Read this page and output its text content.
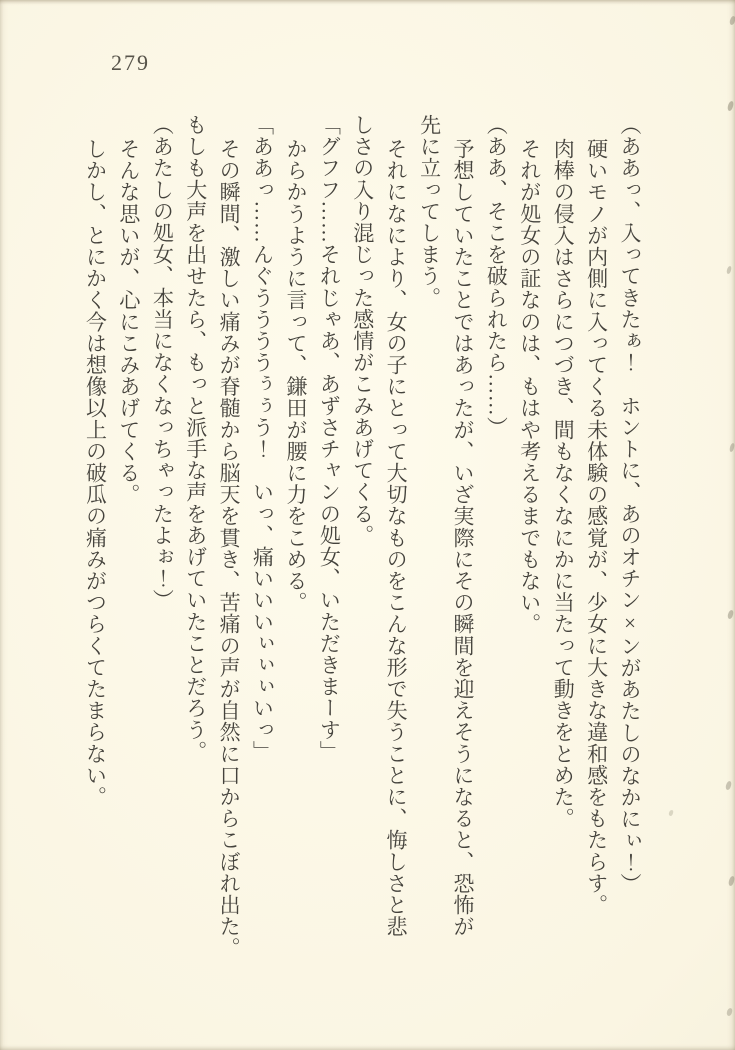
279

（ああっ、入ってきたぁ！　ホントに、あのオチン×ンがあたしのなかにぃ！）

硬いモノが内側に入ってくる未体験の感覚が、少女に大きな違和感をもたらす。

肉棒の侵入はさらにつづき、間もなくなにかに当たって動きをとめた。

それが処女の証なのは、もはや考えるまでもない。

（ああ、そこを破られたら……）

予想していたことではあったが、いざ実際にその瞬間を迎えそうになると、恐怖が

先に立ってしまう。

それになにより、女の子にとって大切なものをこんな形で失うことに、悔しさと悲

しさの入り混じった感情がこみあげてくる。

「グフフ……それじゃあ、あずさチャンの処女、いただきまーす」

からかうように言って、鎌田が腰に力をこめる。

「ああっ……んぐううううぅぅう！　いっ、痛いいいぃぃぃいっ」

その瞬間、激しい痛みが脊髄から脳天を貫き、苦痛の声が自然に口からこぼれ出た。

もしも大声を出せたら、もっと派手な声をあげていたことだろう。

（あたしの処女、本当になくなっちゃったよぉ！）

そんな思いが、心にこみあげてくる。

しかし、とにかく今は想像以上の破瓜の痛みがつらくてたまらない。
